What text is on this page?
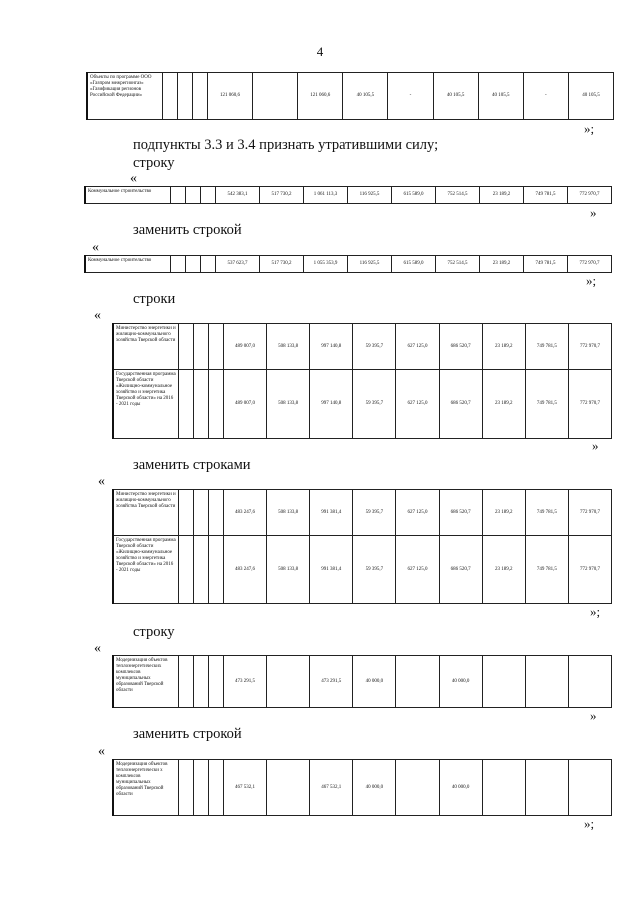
4
Объекты по программе ООО «Газпром межрегионгаз» «Газификация регионов Российской Федерации»				121 060,6		121 060,6	40 105,5	-	40 105,5	40 105,5	-	40 105,5
»;
подпункты 3.3 и 3.4 признать утратившими силу;
строку
«
Коммунальное строительство				542 383,1	517 730,2	1 061 113,3	116 925,5	615 589,0	752 514,5	23 189,2	749 781,5	772 970,7
»
заменить строкой
«
Коммунальное строительство				537 623,7	517 730,2	1 055 353,9	116 925,5	615 589,0	752 514,5	23 189,2	749 781,5	772 970,7
»;
строки
«
Министерство энергетики и жилищно-коммунального хозяйства Тверской области				489 007,0	508 133,8	997 140,8	59 395,7	627 125,0	686 520,7	23 189,2	749 781,5	772 970,7
Государственная программа Тверской области «Жилищно-коммунальное хозяйство и энергетика Тверской области» на 2016 - 2021 годы				489 007,0	508 133,8	997 140,8	59 395,7	627 125,0	686 520,7	23 189,2	749 781,5	772 970,7
»
заменить строками
«
Министерство энергетики и жилищно-коммунального хозяйства Тверской области				483 247,6	508 133,8	991 381,4	59 395,7	627 125,0	686 520,7	23 189,2	749 781,5	772 970,7
Государственная программа Тверской области «Жилищно-коммунальное хозяйство и энергетика Тверской области» на 2016 - 2021 годы				483 247,6	508 133,8	991 381,4	59 395,7	627 125,0	686 520,7	23 189,2	749 781,5	772 970,7
»;
строку
«
Модернизация объектов теплоэнергетических комплексов муниципальных образований Тверской области				473 291,5		473 291,5	40 000,0		40 000,0			
»
заменить строкой
«
Модернизация объектов теплоэнергетически х комплексов муниципальных образований Тверской области				467 532,1		467 532,1	40 000,0		40 000,0			
»;
